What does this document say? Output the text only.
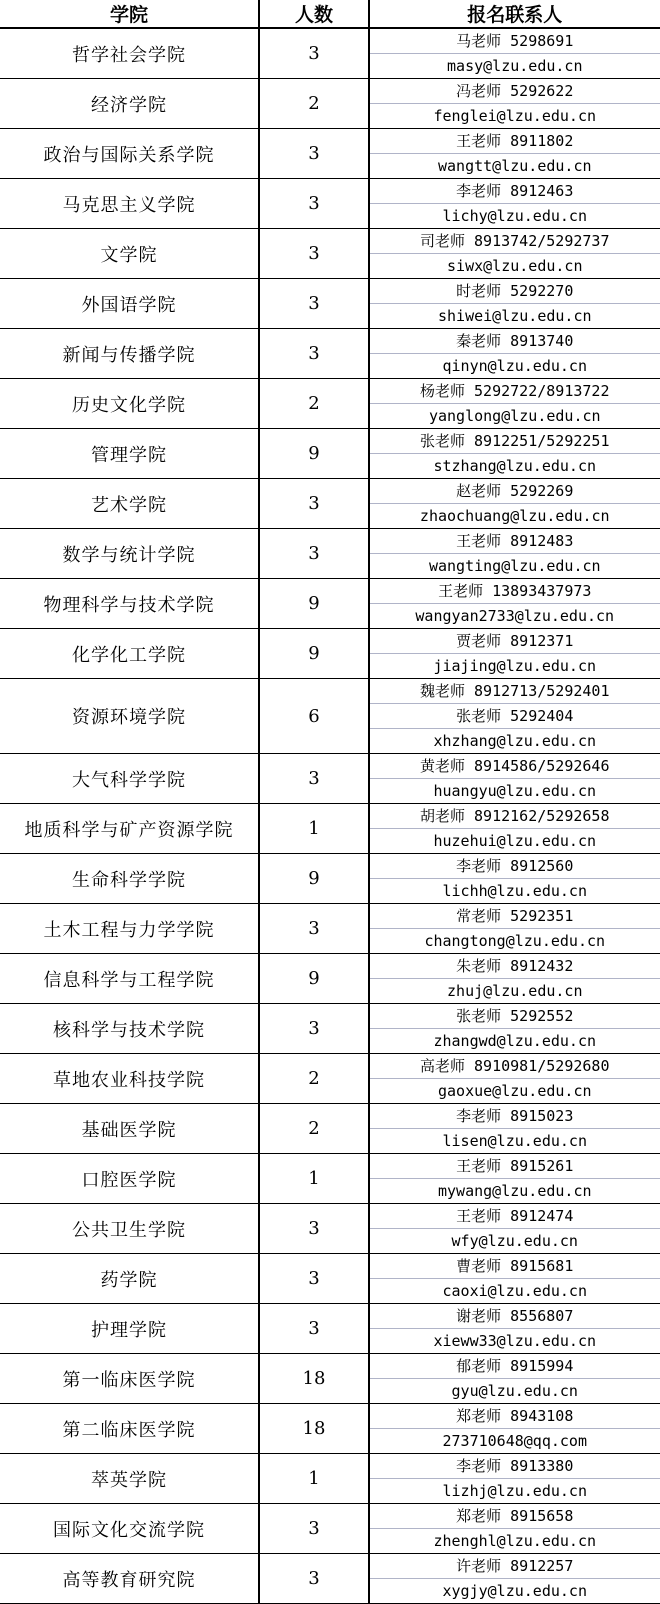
学院	人数	报名联系人
哲学社会学院	3	马老师 5298691
masy@lzu.edu.cn

经济学院	2	冯老师 5292622
fenglei@lzu.edu.cn

政治与国际关系学院	3	王老师 8911802
wangtt@lzu.edu.cn

马克思主义学院	3	李老师 8912463
lichy@lzu.edu.cn

文学院	3	司老师 8913742/5292737
siwx@lzu.edu.cn

外国语学院	3	时老师 5292270
shiwei@lzu.edu.cn

新闻与传播学院	3	秦老师 8913740
qinyn@lzu.edu.cn

历史文化学院	2	杨老师 5292722/8913722
yanglong@lzu.edu.cn

管理学院	9	张老师 8912251/5292251
stzhang@lzu.edu.cn

艺术学院	3	赵老师 5292269
zhaochuang@lzu.edu.cn

数学与统计学院	3	王老师 8912483
wangting@lzu.edu.cn

物理科学与技术学院	9	王老师 13893437973
wangyan2733@lzu.edu.cn

化学化工学院	9	贾老师 8912371
jiajing@lzu.edu.cn

资源环境学院	6	魏老师 8912713/5292401
张老师 5292404
xhzhang@lzu.edu.cn

大气科学学院	3	黄老师 8914586/5292646
huangyu@lzu.edu.cn

地质科学与矿产资源学院	1	胡老师 8912162/5292658
huzehui@lzu.edu.cn

生命科学学院	9	李老师 8912560
lichh@lzu.edu.cn

土木工程与力学学院	3	常老师 5292351
changtong@lzu.edu.cn

信息科学与工程学院	9	朱老师 8912432
zhuj@lzu.edu.cn

核科学与技术学院	3	张老师 5292552
zhangwd@lzu.edu.cn

草地农业科技学院	2	高老师 8910981/5292680
gaoxue@lzu.edu.cn

基础医学院	2	李老师 8915023
lisen@lzu.edu.cn

口腔医学院	1	王老师 8915261
mywang@lzu.edu.cn

公共卫生学院	3	王老师 8912474
wfy@lzu.edu.cn

药学院	3	曹老师 8915681
caoxi@lzu.edu.cn

护理学院	3	谢老师 8556807
xieww33@lzu.edu.cn

第一临床医学院	18	郁老师 8915994
gyu@lzu.edu.cn

第二临床医学院	18	郑老师 8943108
273710648@qq.com

萃英学院	1	李老师 8913380
lizhj@lzu.edu.cn

国际文化交流学院	3	郑老师 8915658
zhenghl@lzu.edu.cn

高等教育研究院	3	许老师 8912257
xygjy@lzu.edu.cn
